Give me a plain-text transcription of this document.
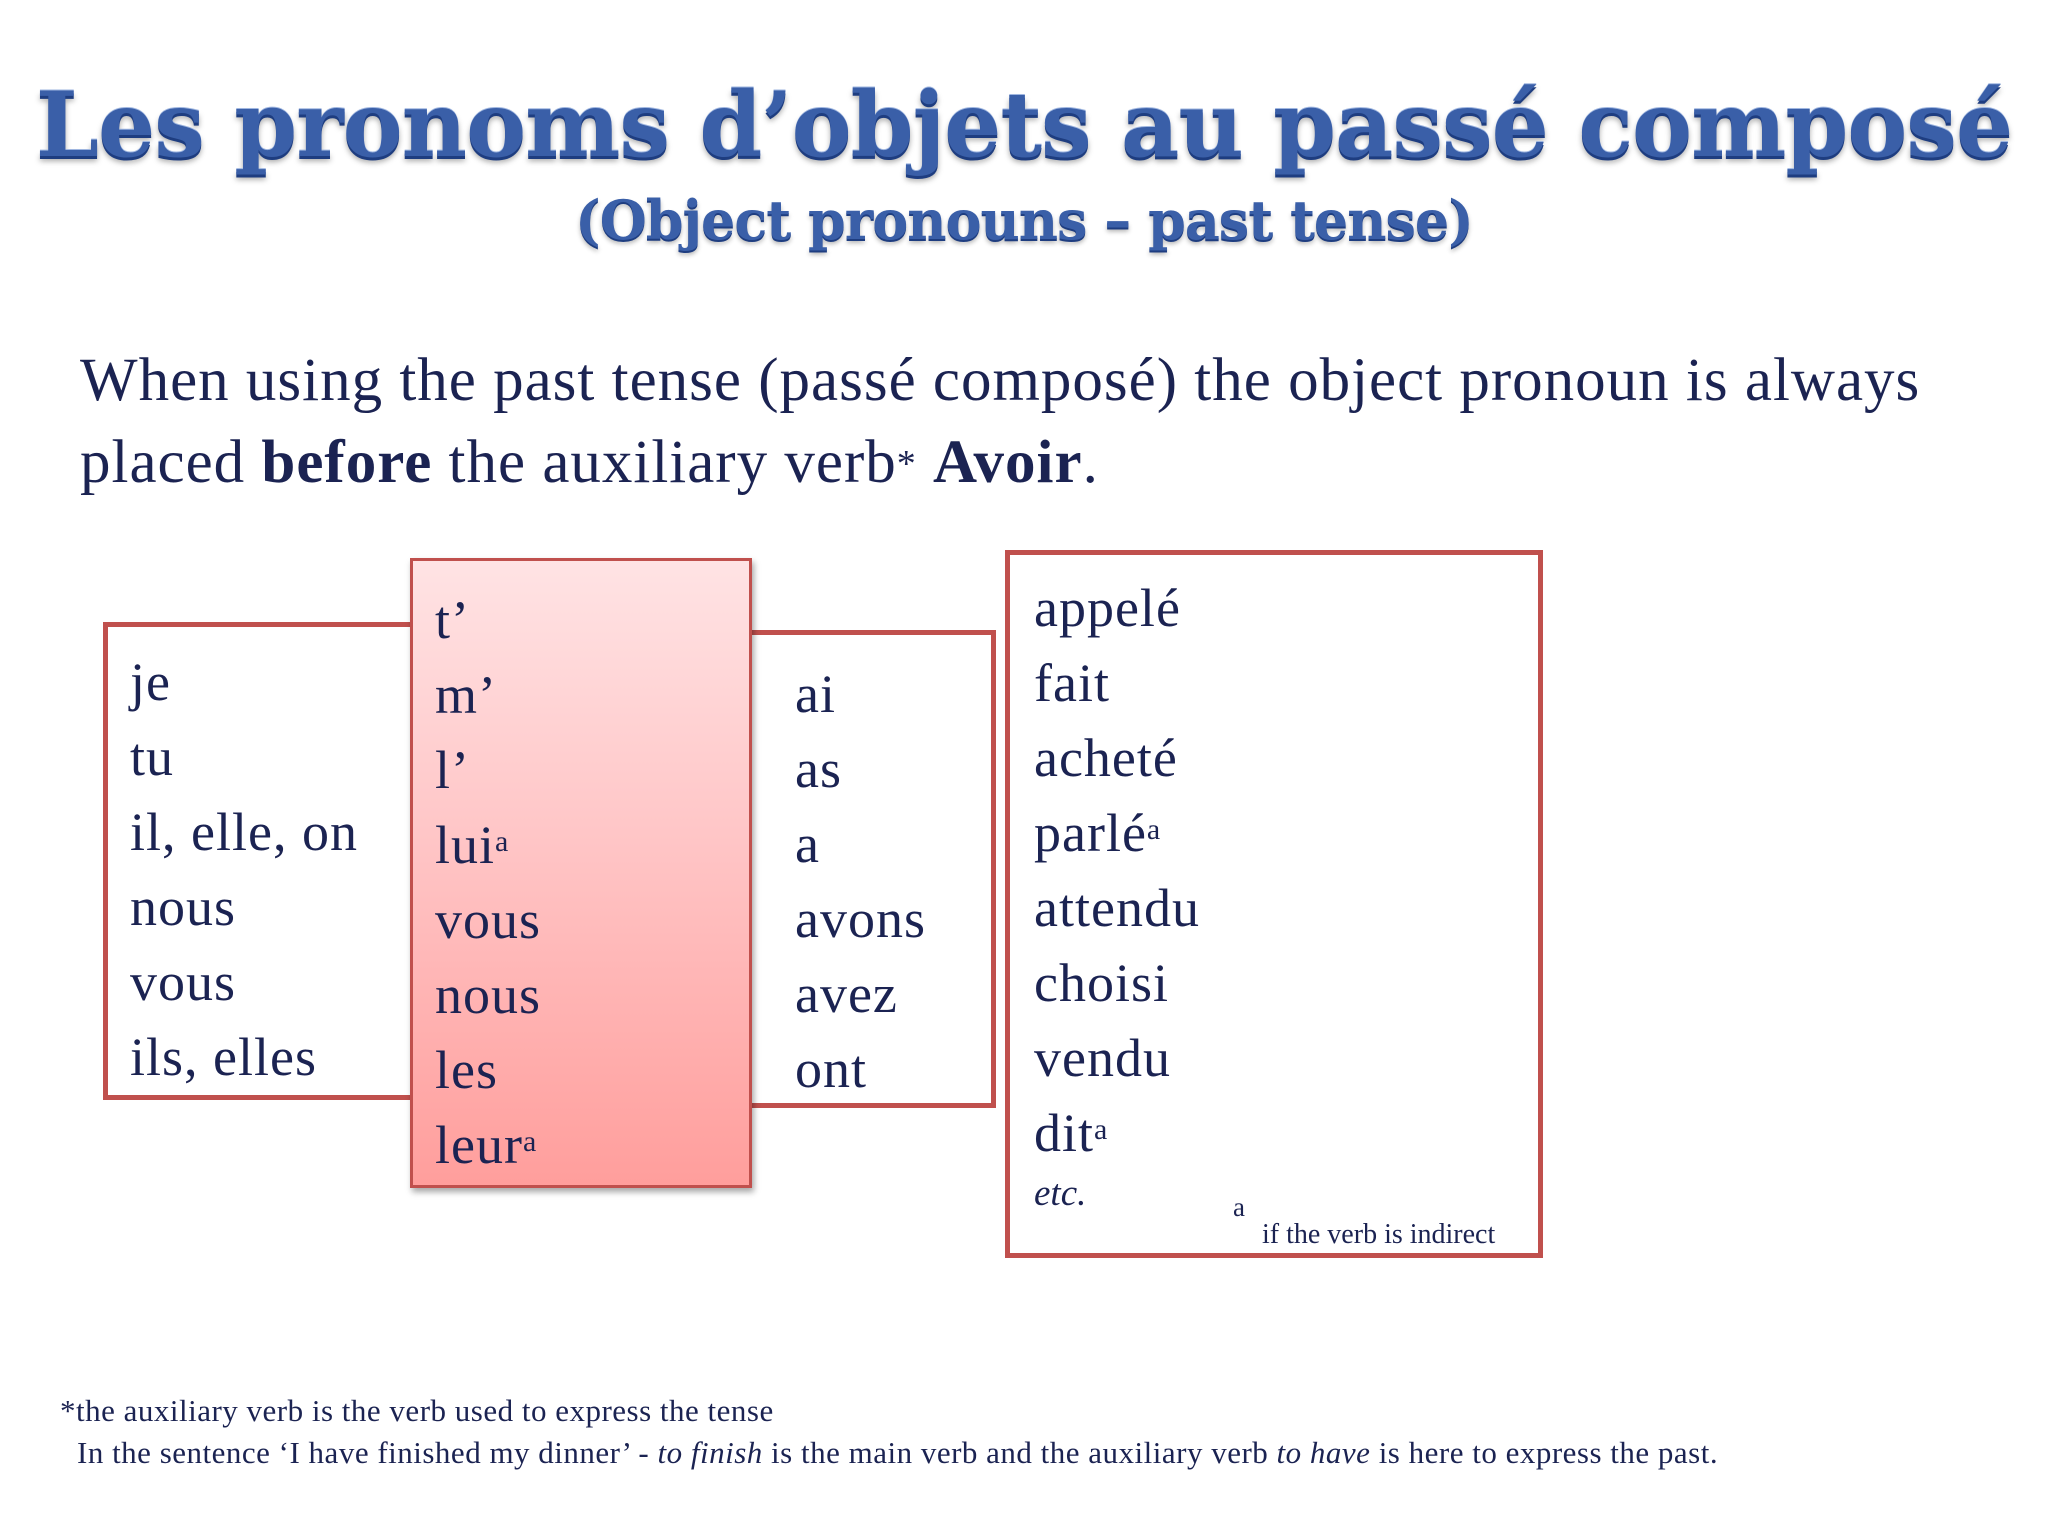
Les pronoms d’objets au passé composé
(Object pronouns – past tense)
When using the past tense (passé composé) the object pronoun is always placed before the auxiliary verb* Avoir.
je
tu
il, elle, on
nous
vous
ils, elles
ai
as
a
avons
avez
ont
t’
m’
l’
lui$^a$
vous
nous
les
leur$^a$
appelé
fait
acheté
parlé$^a$
attendu
choisi
vendu
dit$^a$
etc.	a
if the verb is indirect
*the auxiliary verb is the verb used to express the tense
In the sentence ‘I have finished my dinner’ - to finish is the main verb and the auxiliary verb to have is here to express the past.
